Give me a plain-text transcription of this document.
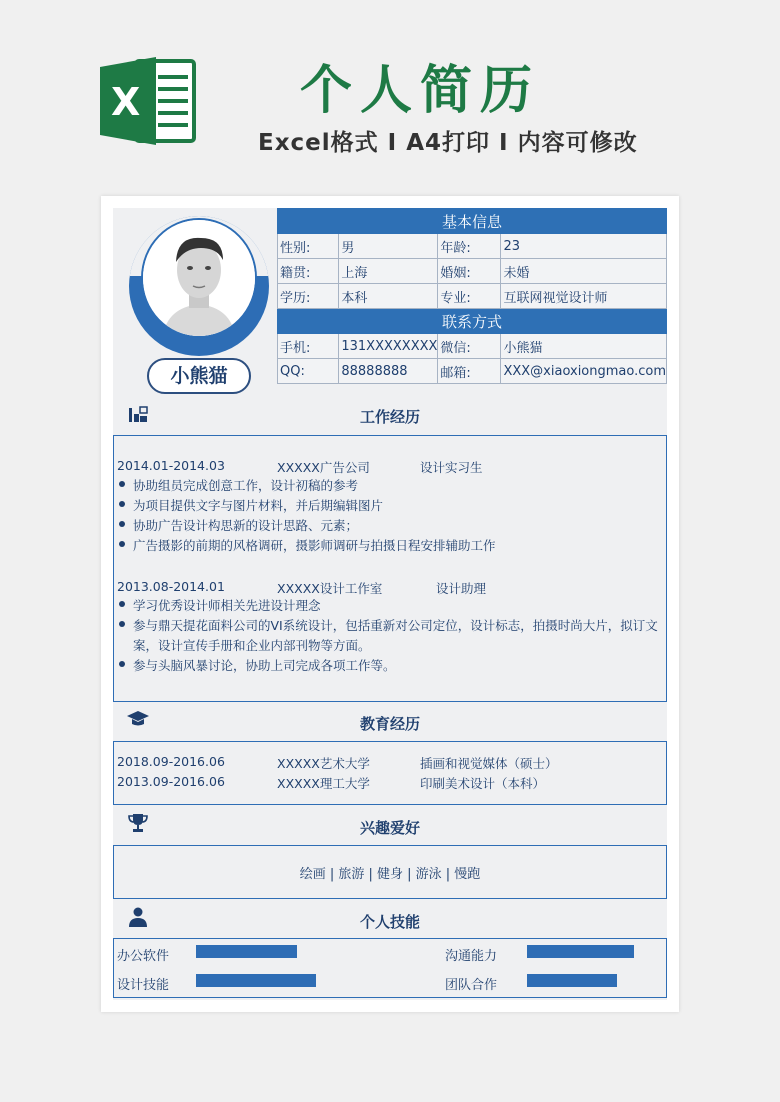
X	个人简历
Excel格式 I A4打印 I 内容可修改
小熊猫
基本信息			
性别:	男	年龄:	23
籍贯:	上海	婚姻:	未婚
学历:	本科	专业:	互联网视觉设计师
联系方式			
手机:	131XXXXXXXX	微信:	小熊猫
QQ:	88888888	邮箱:	XXX@xiaoxiongmao.com
工作经历
2014.01-2014.03	XXXXX广告公司	设计实习生
协助组员完成创意工作，设计初稿的参考
为项目提供文字与图片材料，并后期编辑图片
协助广告设计构思新的设计思路、元素；
广告摄影的前期的风格调研，摄影师调研与拍摄日程安排辅助工作
2013.08-2014.01	XXXXX设计工作室	设计助理
学习优秀设计师相关先进设计理念
参与鼎天提花面料公司的VI系统设计，包括重新对公司定位，设计标志，拍摄时尚大片，拟订文案，设计宣传手册和企业内部刊物等方面。
参与头脑风暴讨论，协助上司完成各项工作等。
教育经历
2018.09-2016.06	XXXXX艺术大学	插画和视觉媒体（硕士）
2013.09-2016.06	XXXXX理工大学	印刷美术设计（本科）
兴趣爱好
绘画 | 旅游 | 健身 | 游泳 | 慢跑
个人技能
办公软件	沟通能力
设计技能	团队合作
